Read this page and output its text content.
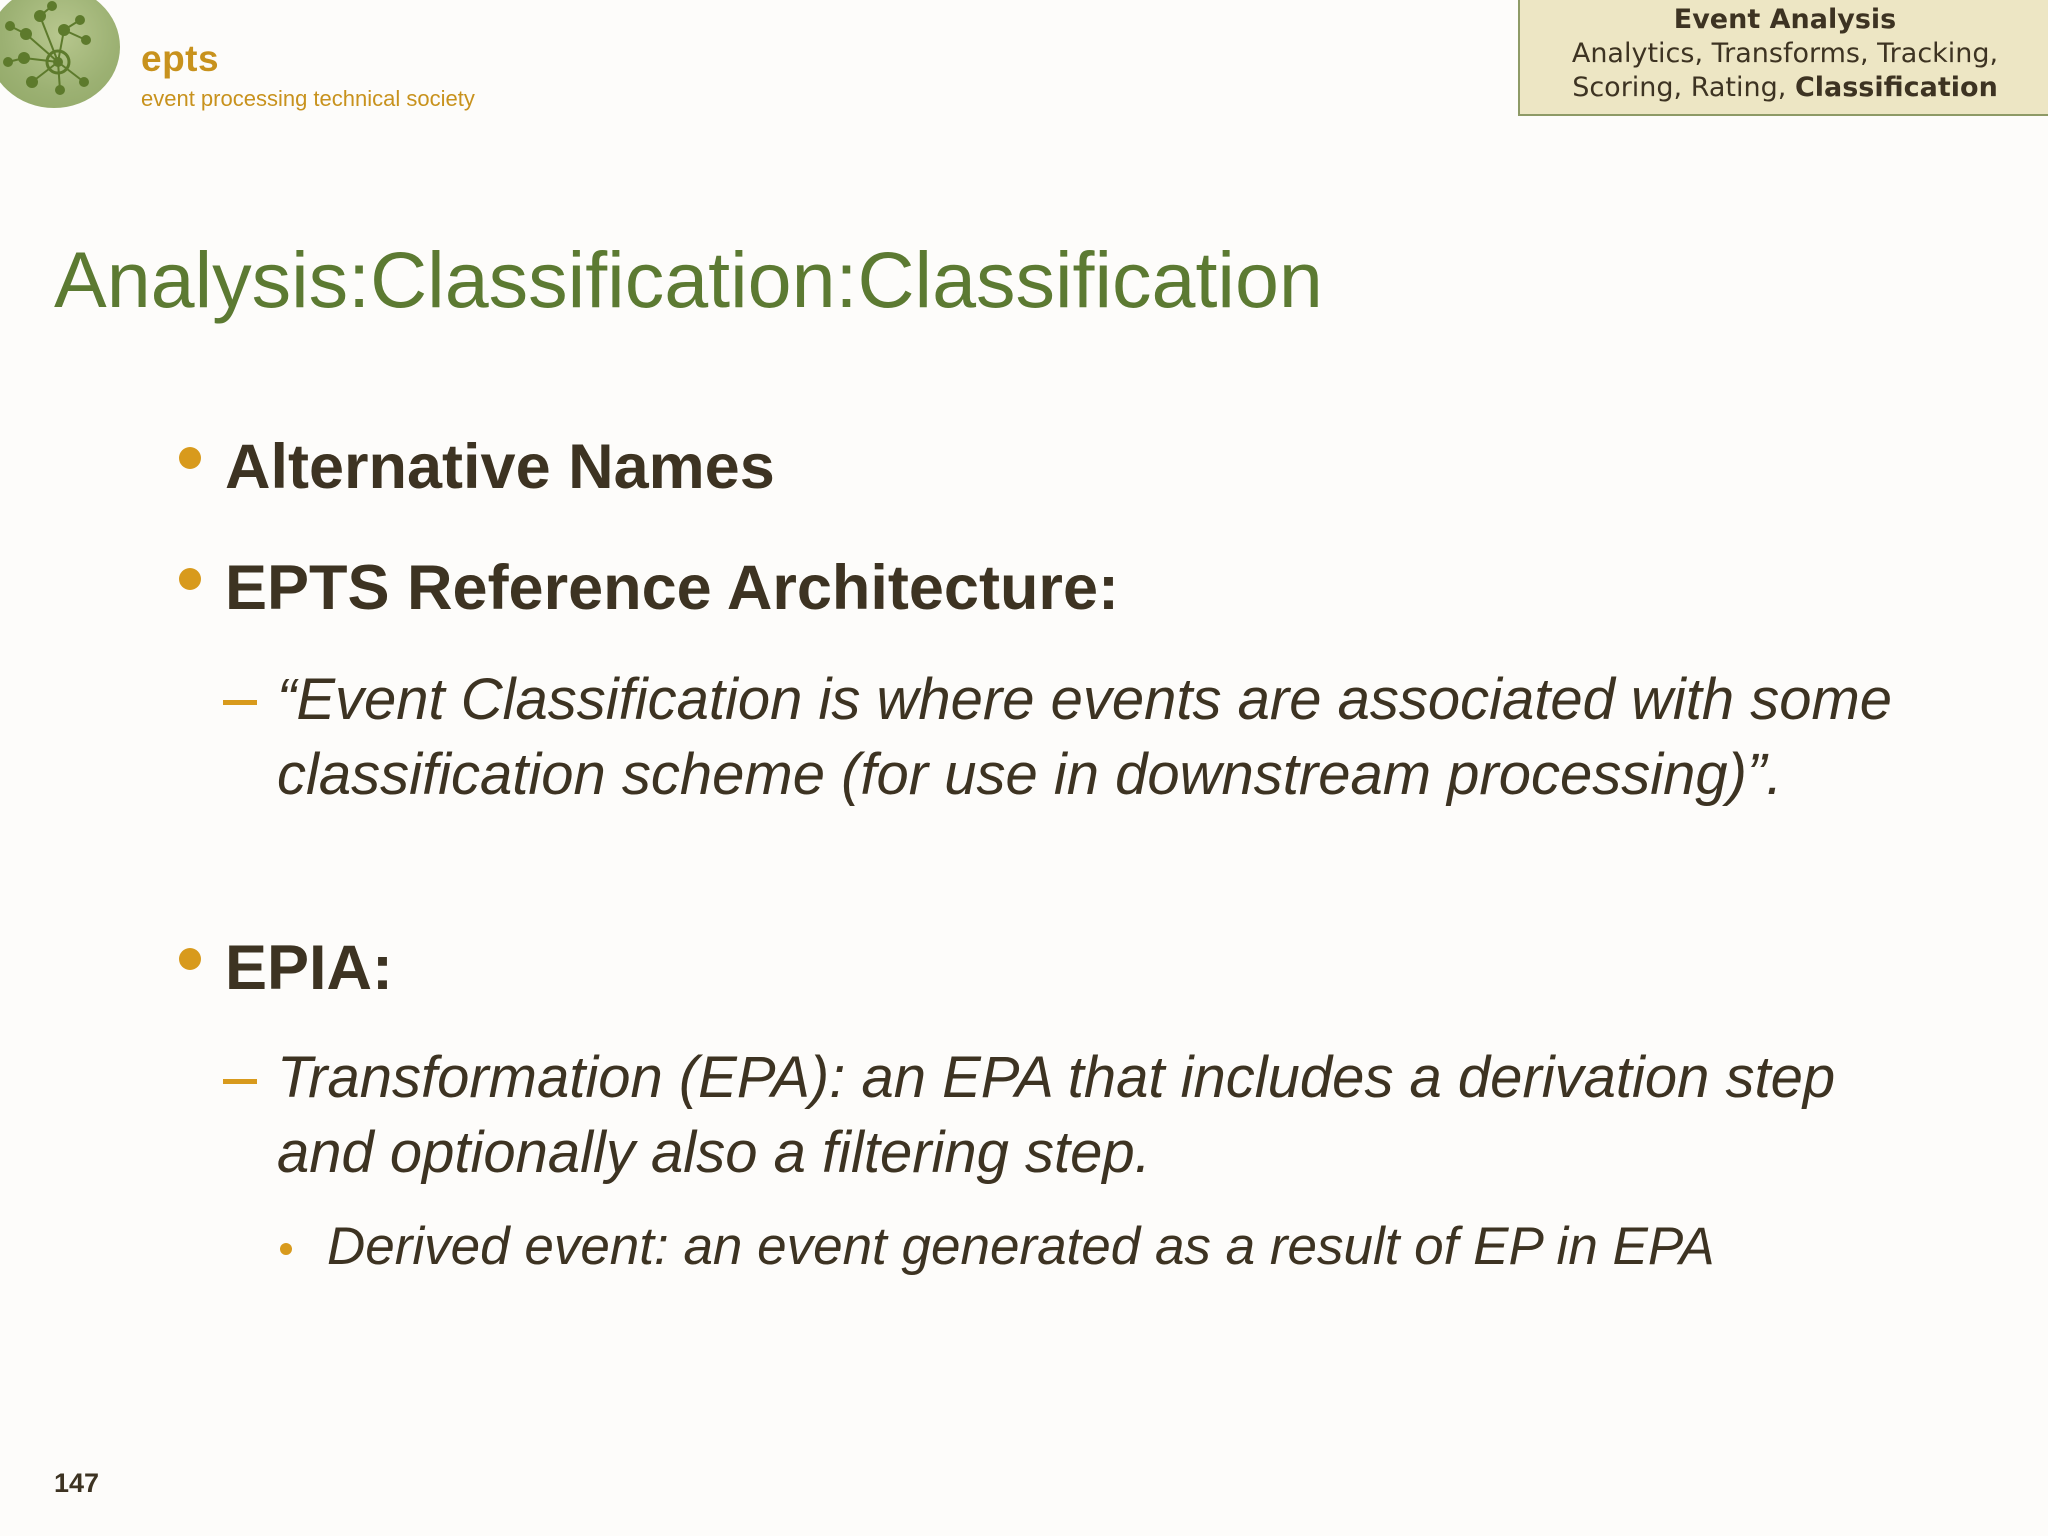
epts
event processing technical society
Event Analysis
Analytics, Transforms, Tracking,
Scoring, Rating, Classification
Analysis:Classification:Classification
Alternative Names
EPTS Reference Architecture:
“Event Classification is where events are associated with some classification scheme (for use in downstream processing)”.
EPIA:
Transformation (EPA): an EPA that includes a derivation step and optionally also a filtering step.
Derived event: an event generated as a result of EP in EPA
147
